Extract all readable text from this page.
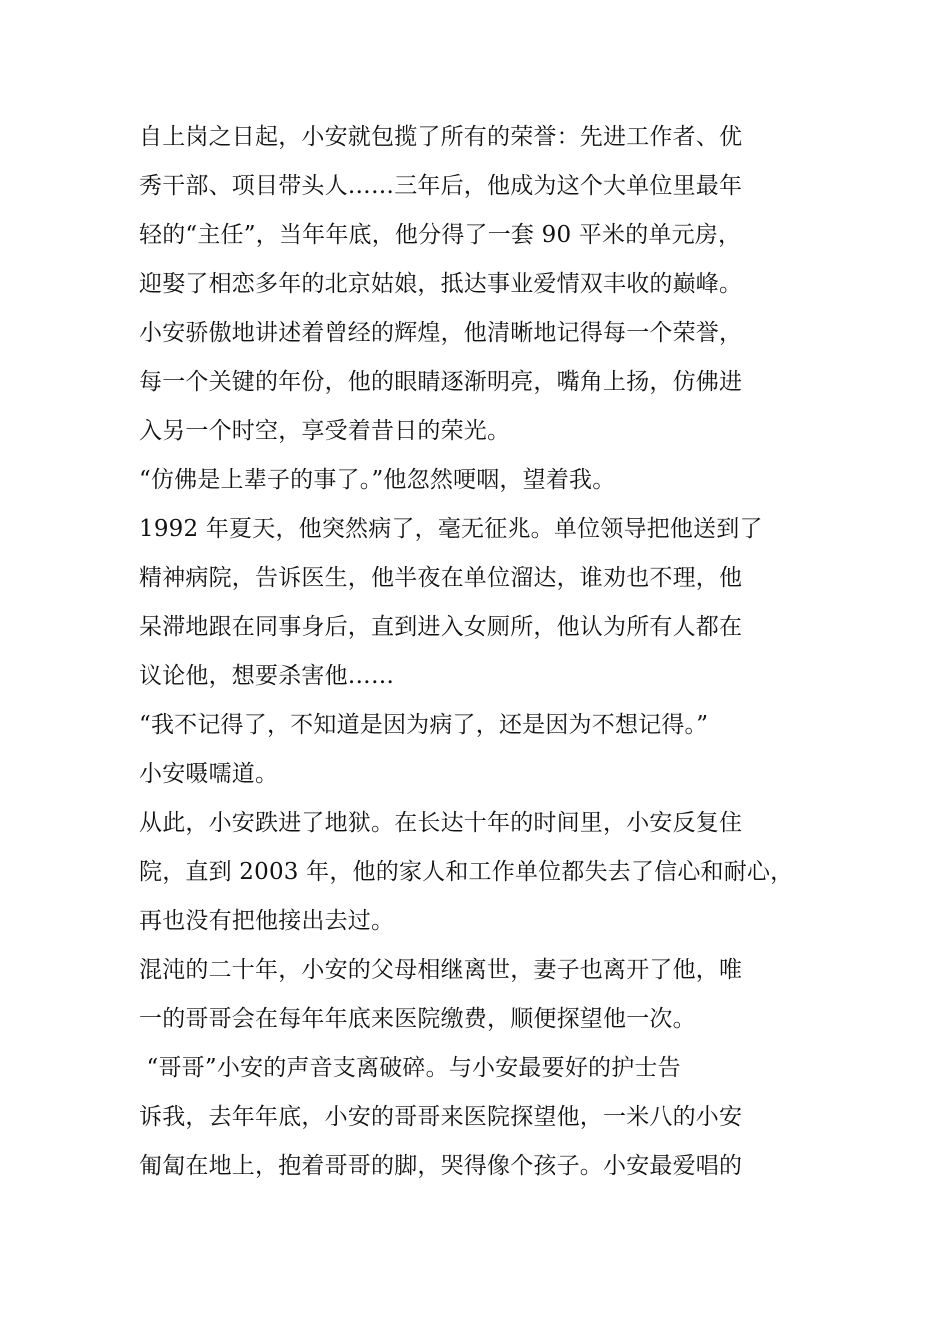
自上岗之日起，小安就包揽了所有的荣誉：先进工作者、优
秀干部、项目带头人……三年后，他成为这个大单位里最年
轻的“主任”，当年年底，他分得了一套 90 平米的单元房，
迎娶了相恋多年的北京姑娘，抵达事业爱情双丰收的巅峰。
小安骄傲地讲述着曾经的辉煌，他清晰地记得每一个荣誉，
每一个关键的年份，他的眼睛逐渐明亮，嘴角上扬，仿佛进
入另一个时空，享受着昔日的荣光。
“仿佛是上辈子的事了。”他忽然哽咽，望着我。
1992 年夏天，他突然病了，毫无征兆。单位领导把他送到了
精神病院，告诉医生，他半夜在单位溜达，谁劝也不理，他
呆滞地跟在同事身后，直到进入女厕所，他认为所有人都在
议论他，想要杀害他……
“我不记得了，不知道是因为病了，还是因为不想记得。”
小安嗫嚅道。
从此，小安跌进了地狱。在长达十年的时间里，小安反复住
院，直到 2003 年，他的家人和工作单位都失去了信心和耐心，
再也没有把他接出去过。
混沌的二十年，小安的父母相继离世，妻子也离开了他，唯
一的哥哥会在每年年底来医院缴费，顺便探望他一次。
“哥哥”小安的声音支离破碎。与小安最要好的护士告
诉我，去年年底，小安的哥哥来医院探望他，一米八的小安
匍匐在地上，抱着哥哥的脚，哭得像个孩子。小安最爱唱的
